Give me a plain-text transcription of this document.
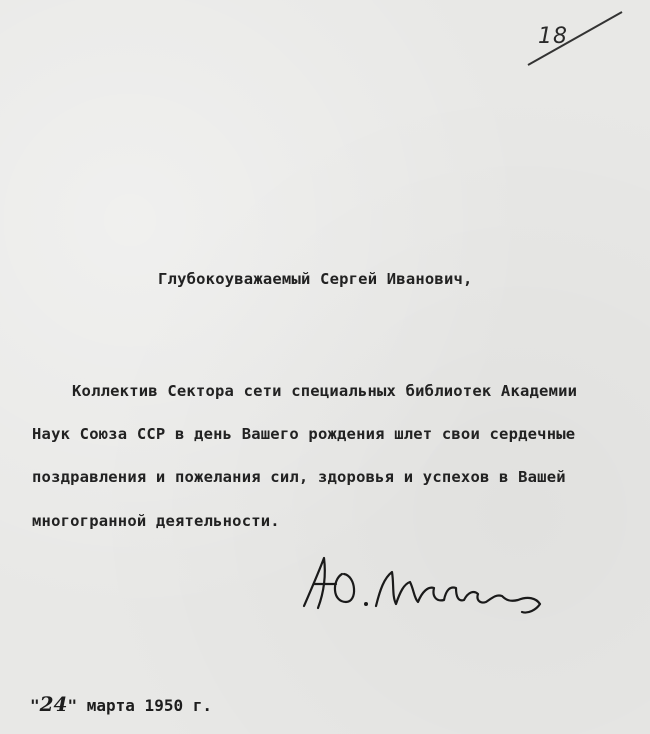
18
Глубокоуважаемый Сергей Иванович,
Коллектив Сектора сети специальных библиотек Академии
Наук Союза ССР в день Вашего рождения шлет свои сердечные
поздравления и пожелания сил, здоровья и успехов в Вашей
многогранной деятельности.
"24" марта 1950 г.
